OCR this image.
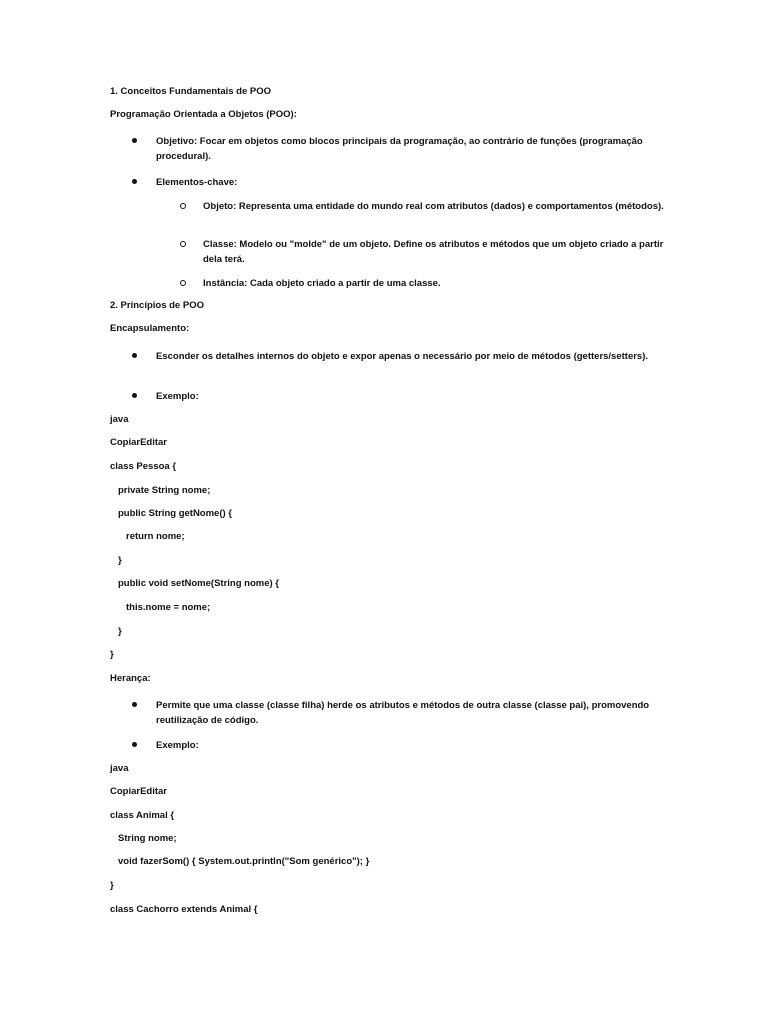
1. Conceitos Fundamentais de POO
Programação Orientada a Objetos (POO):
Objetivo: Focar em objetos como blocos principais da programação, ao contrário de funções (programação procedural).
Elementos-chave:
Objeto: Representa uma entidade do mundo real com atributos (dados) e comportamentos (métodos).
Classe: Modelo ou "molde" de um objeto. Define os atributos e métodos que um objeto criado a partir dela terá.
Instância: Cada objeto criado a partir de uma classe.
2. Princípios de POO
Encapsulamento:
Esconder os detalhes internos do objeto e expor apenas o necessário por meio de métodos (getters/setters).
Exemplo:
java
CopiarEditar
class Pessoa {
private String nome;
public String getNome() {
return nome;
}
public void setNome(String nome) {
this.nome = nome;
}
}
Herança:
Permite que uma classe (classe filha) herde os atributos e métodos de outra classe (classe pai), promovendo reutilização de código.
Exemplo:
java
CopiarEditar
class Animal {
String nome;
void fazerSom() { System.out.println("Som genérico"); }
}
class Cachorro extends Animal {
